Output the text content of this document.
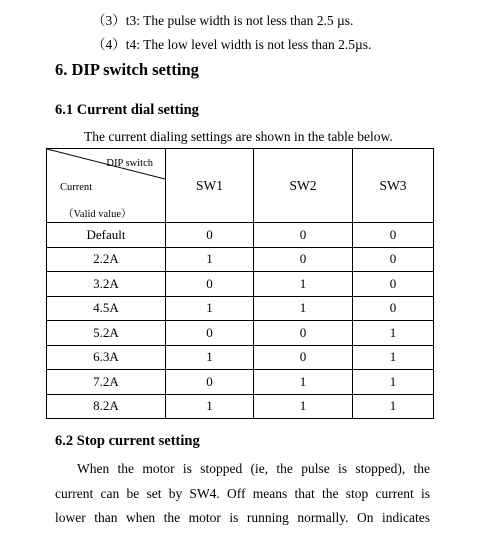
（3）t3: The pulse width is not less than 2.5 µs.
（4）t4: The low level width is not less than 2.5µs.
6. DIP switch setting
6.1 Current dial setting
The current dialing settings are shown in the table below.
DIP switch
Current
（Valid value）	SW1	SW2	SW3
Default	0	0	0
2.2A	1	0	0
3.2A	0	1	0
4.5A	1	1	0
5.2A	0	0	1
6.3A	1	0	1
7.2A	0	1	1
8.2A	1	1	1
6.2 Stop current setting
When the motor is stopped (ie, the pulse is stopped), the
current can be set by SW4. Off means that the stop current is
lower than when the motor is running normally. On indicates
